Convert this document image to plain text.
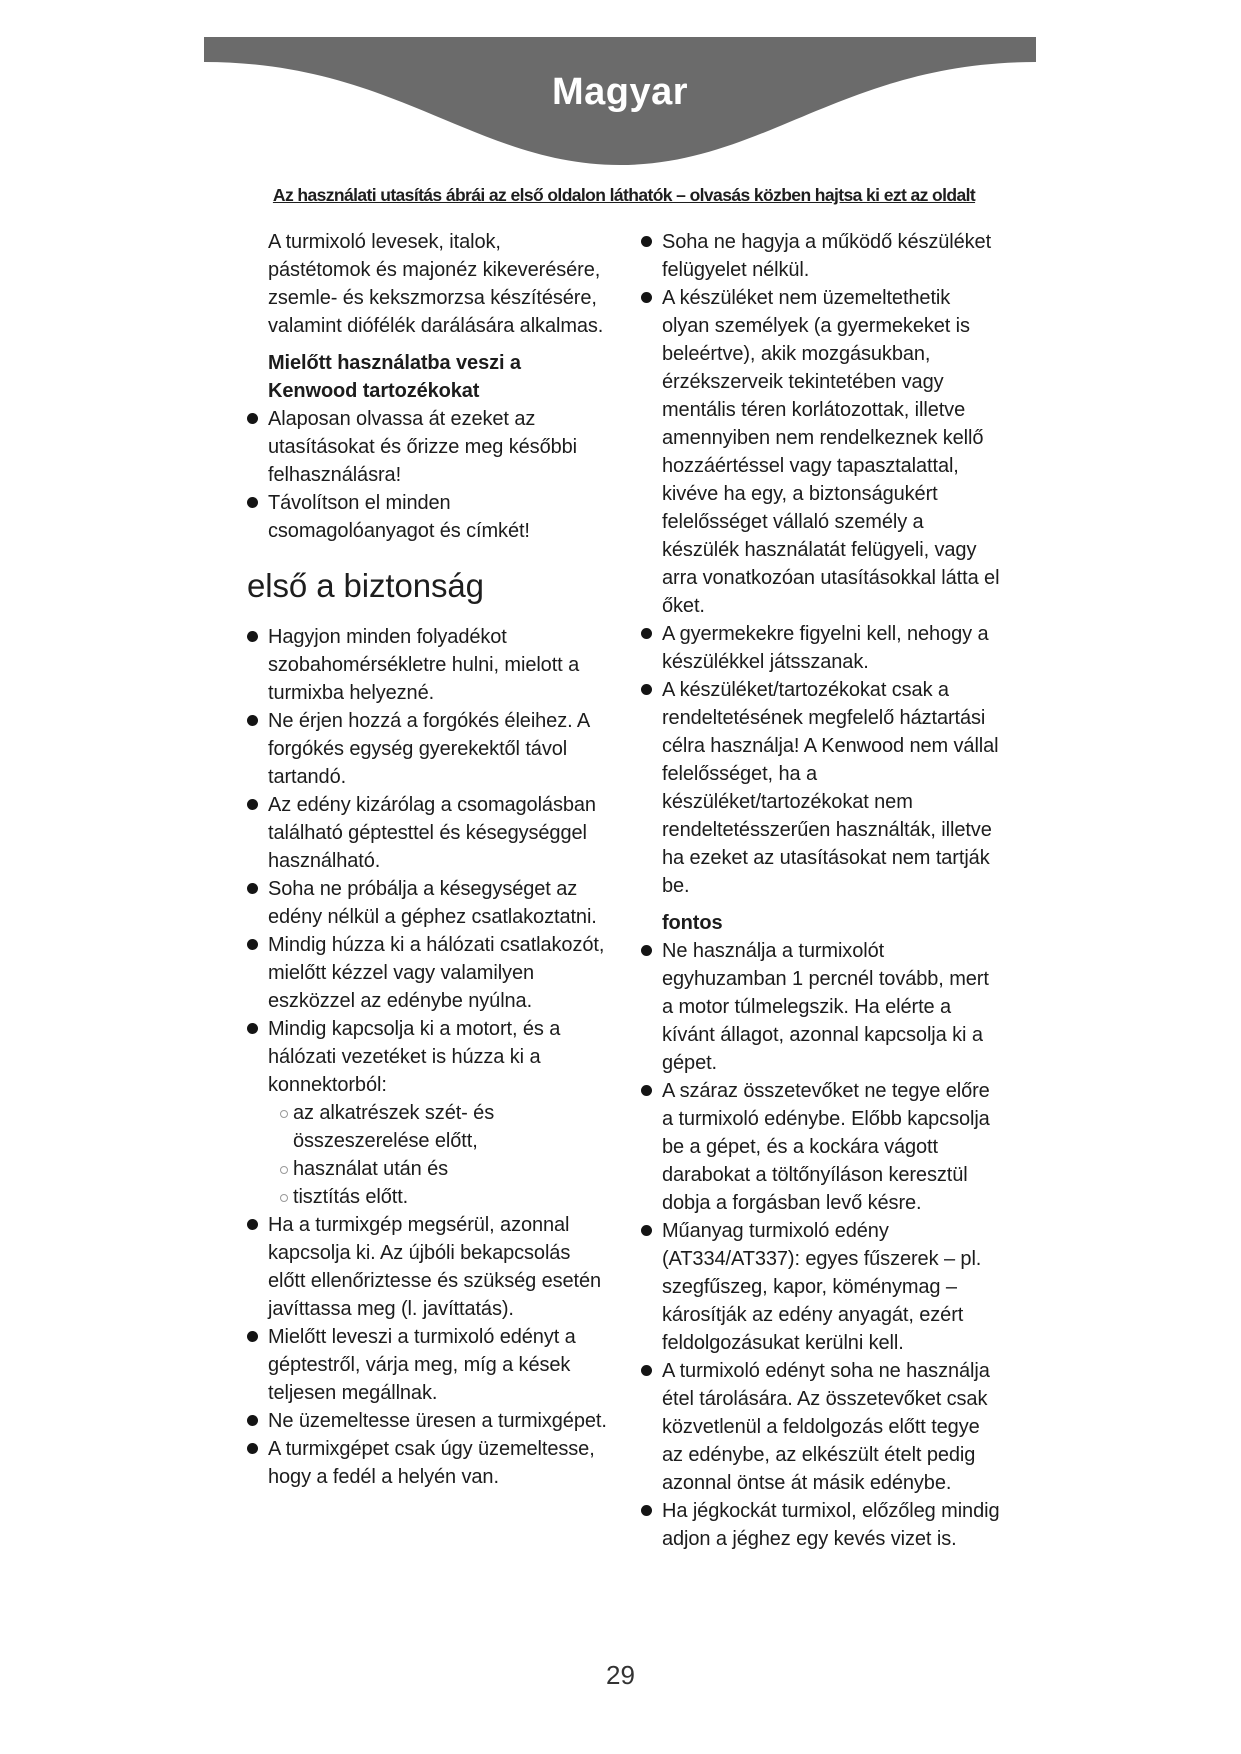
Magyar
Az használati utasítás ábrái az első oldalon láthatók – olvasás közben hajtsa ki ezt az oldalt

A turmixoló levesek, italok, pástétomok és majonéz kikeverésére, zsemle- és kekszmorzsa készítésére, valamint diófélék darálására alkalmas.

Mielőtt használatba veszi a Kenwood tartozékokat

Alaposan olvassa át ezeket az utasításokat és őrizze meg későbbi felhasználásra!
Távolítson el minden csomagolóanyagot és címkét!
első a biztonság
Hagyjon minden folyadékot szobahomérsékletre hulni, mielott a turmixba helyezné.
Ne érjen hozzá a forgókés éleihez. A forgókés egység gyerekektől távol tartandó.
Az edény kizárólag a csomagolásban található géptesttel és késegységgel használható.
Soha ne próbálja a késegységet az edény nélkül a géphez csatlakoztatni.
Mindig húzza ki a hálózati csatlakozót, mielőtt kézzel vagy valamilyen eszközzel az edénybe nyúlna.
Mindig kapcsolja ki a motort, és a hálózati vezetéket is húzza ki a konnektorból:
az alkatrészek szét- és összeszerelése előtt,
használat után és
tisztítás előtt.
Ha a turmixgép megsérül, azonnal kapcsolja ki. Az újbóli bekapcsolás előtt ellenőriztesse és szükség esetén javíttassa meg (l. javíttatás).
Mielőtt leveszi a turmixoló edényt a géptestről, várja meg, míg a kések teljesen megállnak.
Ne üzemeltesse üresen a turmixgépet.
A turmixgépet csak úgy üzemeltesse, hogy a fedél a helyén van.
Soha ne hagyja a működő készüléket felügyelet nélkül.
A készüléket nem üzemeltethetik olyan személyek (a gyermekeket is beleértve), akik mozgásukban, érzékszerveik tekintetében vagy mentális téren korlátozottak, illetve amennyiben nem rendelkeznek kellő hozzáértéssel vagy tapasztalattal, kivéve ha egy, a biztonságukért felelősséget vállaló személy a készülék használatát felügyeli, vagy arra vonatkozóan utasításokkal látta el őket.
A gyermekekre figyelni kell, nehogy a készülékkel játsszanak.
A készüléket/tartozékokat csak a rendeltetésének megfelelő háztartási célra használja! A Kenwood nem vállal felelősséget, ha a készüléket/tartozékokat nem rendeltetésszerűen használták, illetve ha ezeket az utasításokat nem tartják be.

fontos

Ne használja a turmixolót egyhuzamban 1 percnél tovább, mert a motor túlmelegszik. Ha elérte a kívánt állagot, azonnal kapcsolja ki a gépet.
A száraz összetevőket ne tegye előre a turmixoló edénybe. Előbb kapcsolja be a gépet, és a kockára vágott darabokat a töltőnyíláson keresztül dobja a forgásban levő késre.
Műanyag turmixoló edény (AT334/AT337): egyes fűszerek – pl. szegfűszeg, kapor, köménymag – károsítják az edény anyagát, ezért feldolgozásukat kerülni kell.
A turmixoló edényt soha ne használja étel tárolására. Az összetevőket csak közvetlenül a feldolgozás előtt tegye az edénybe, az elkészült ételt pedig azonnal öntse át másik edénybe.
Ha jégkockát turmixol, előzőleg mindig adjon a jéghez egy kevés vizet is.
29
